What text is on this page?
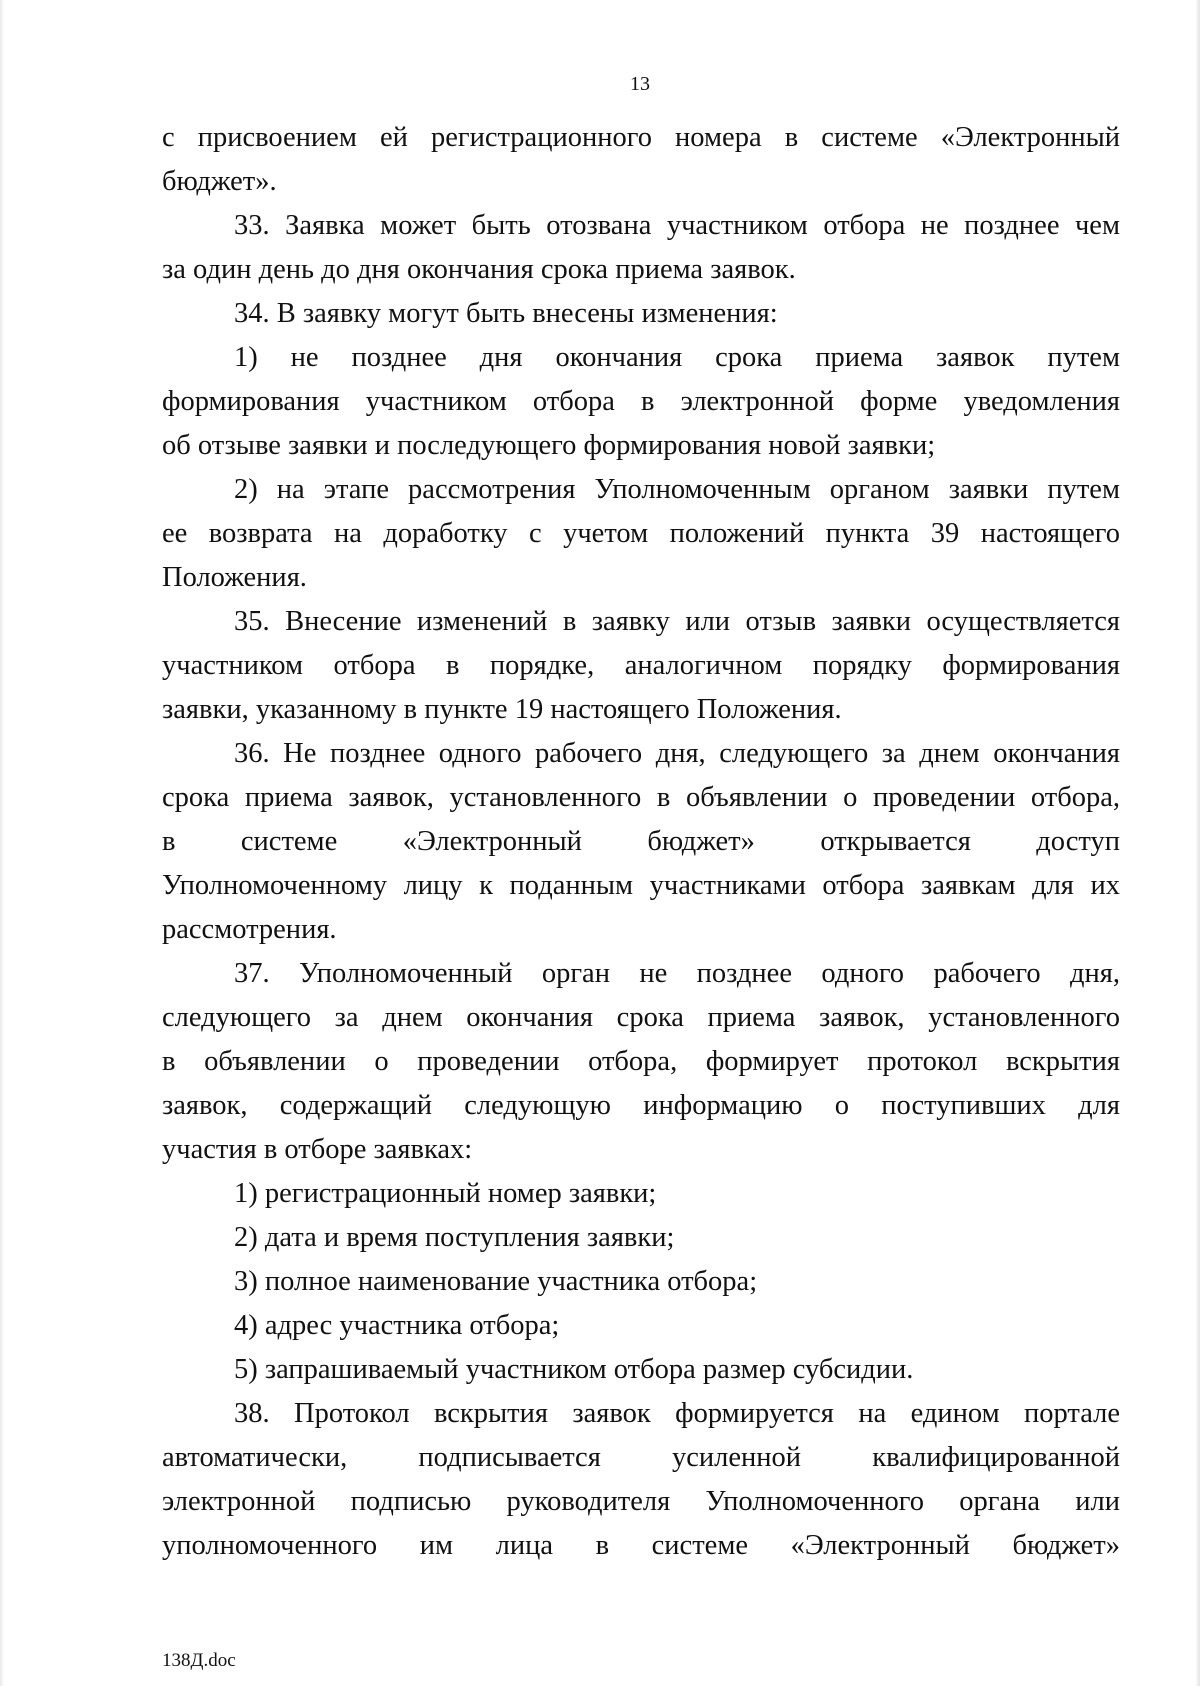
13
с присвоением ей регистрационного номера в системе «Электронный
бюджет».
33. Заявка может быть отозвана участником отбора не позднее чем
за один день до дня окончания срока приема заявок.
34. В заявку могут быть внесены изменения:
1) не позднее дня окончания срока приема заявок путем
формирования участником отбора в электронной форме уведомления
об отзыве заявки и последующего формирования новой заявки;
2) на этапе рассмотрения Уполномоченным органом заявки путем
ее возврата на доработку с учетом положений пункта 39 настоящего
Положения.
35. Внесение изменений в заявку или отзыв заявки осуществляется
участником отбора в порядке, аналогичном порядку формирования
заявки, указанному в пункте 19 настоящего Положения.
36. Не позднее одного рабочего дня, следующего за днем окончания
срока приема заявок, установленного в объявлении о проведении отбора,
в системе «Электронный бюджет» открывается доступ
Уполномоченному лицу к поданным участниками отбора заявкам для их
рассмотрения.
37. Уполномоченный орган не позднее одного рабочего дня,
следующего за днем окончания срока приема заявок, установленного
в объявлении о проведении отбора, формирует протокол вскрытия
заявок, содержащий следующую информацию о поступивших для
участия в отборе заявках:
1) регистрационный номер заявки;
2) дата и время поступления заявки;
3) полное наименование участника отбора;
4) адрес участника отбора;
5) запрашиваемый участником отбора размер субсидии.
38. Протокол вскрытия заявок формируется на едином портале
автоматически, подписывается усиленной квалифицированной
электронной подписью руководителя Уполномоченного органа или
уполномоченного им лица в системе «Электронный бюджет»
138Д.doc
